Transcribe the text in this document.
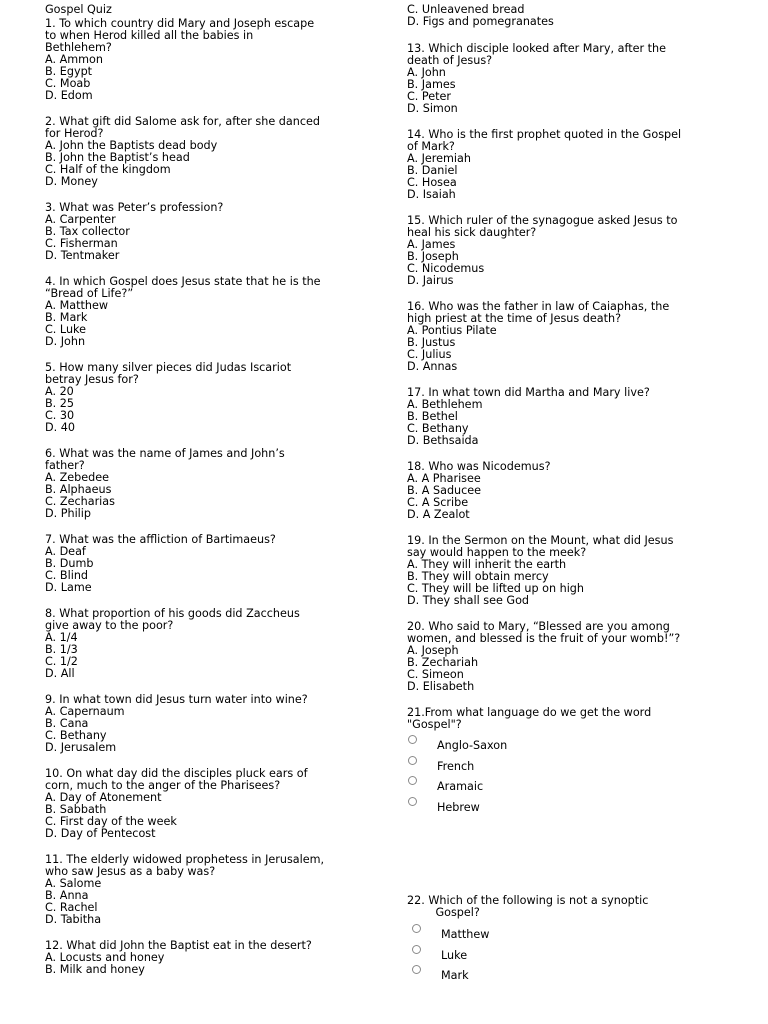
Gospel Quiz
1. To which country did Mary and Joseph escape
to when Herod killed all the babies in
Bethlehem?
A. Ammon
B. Egypt
C. Moab
D. Edom
2. What gift did Salome ask for, after she danced
for Herod?
A. John the Baptists dead body
B. John the Baptist’s head
C. Half of the kingdom
D. Money
3. What was Peter’s profession?
A. Carpenter
B. Tax collector
C. Fisherman
D. Tentmaker
4. In which Gospel does Jesus state that he is the
“Bread of Life?”
A. Matthew
B. Mark
C. Luke
D. John
5. How many silver pieces did Judas Iscariot
betray Jesus for?
A. 20
B. 25
C. 30
D. 40
6. What was the name of James and John’s
father?
A. Zebedee
B. Alphaeus
C. Zecharias
D. Philip
7. What was the affliction of Bartimaeus?
A. Deaf
B. Dumb
C. Blind
D. Lame
8. What proportion of his goods did Zaccheus
give away to the poor?
A. 1/4
B. 1/3
C. 1/2
D. All
9. In what town did Jesus turn water into wine?
A. Capernaum
B. Cana
C. Bethany
D. Jerusalem
10. On what day did the disciples pluck ears of
corn, much to the anger of the Pharisees?
A. Day of Atonement
B. Sabbath
C. First day of the week
D. Day of Pentecost
11. The elderly widowed prophetess in Jerusalem,
who saw Jesus as a baby was?
A. Salome
B. Anna
C. Rachel
D. Tabitha
12. What did John the Baptist eat in the desert?
A. Locusts and honey
B. Milk and honey
C. Unleavened bread
D. Figs and pomegranates
13. Which disciple looked after Mary, after the
death of Jesus?
A. John
B. James
C. Peter
D. Simon
14. Who is the first prophet quoted in the Gospel
of Mark?
A. Jeremiah
B. Daniel
C. Hosea
D. Isaiah
15. Which ruler of the synagogue asked Jesus to
heal his sick daughter?
A. James
B. Joseph
C. Nicodemus
D. Jairus
16. Who was the father in law of Caiaphas, the
high priest at the time of Jesus death?
A. Pontius Pilate
B. Justus
C. Julius
D. Annas
17. In what town did Martha and Mary live?
A. Bethlehem
B. Bethel
C. Bethany
D. Bethsaida
18. Who was Nicodemus?
A. A Pharisee
B. A Saducee
C. A Scribe
D. A Zealot
19. In the Sermon on the Mount, what did Jesus
say would happen to the meek?
A. They will inherit the earth
B. They will obtain mercy
C. They will be lifted up on high
D. They shall see God
20. Who said to Mary, “Blessed are you among
women, and blessed is the fruit of your womb!”?
A. Joseph
B. Zechariah
C. Simeon
D. Elisabeth
21.From what language do we get the word
"Gospel"?
Anglo-Saxon
French
Aramaic
Hebrew
22. Which of the following is not a synoptic
Gospel?
Matthew
Luke
Mark
